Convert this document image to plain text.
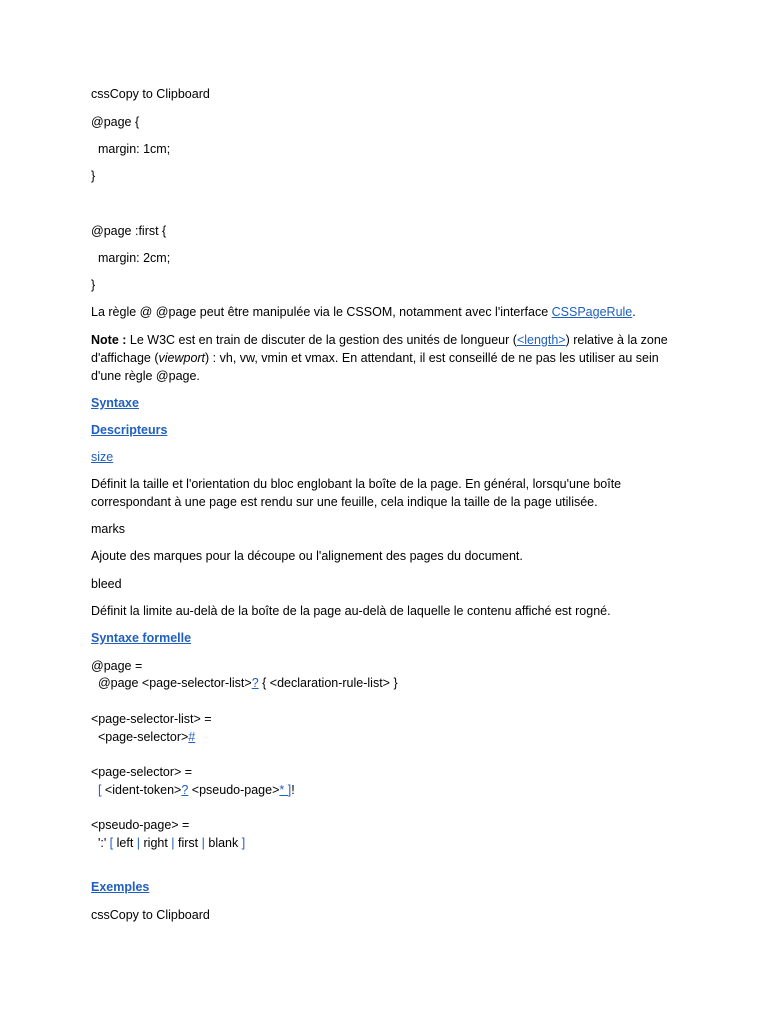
cssCopy to Clipboard
@page {
margin: 1cm;
}
@page :first {
margin: 2cm;
}
La règle @ @page peut être manipulée via le CSSOM, notamment avec l'interface CSSPageRule.
Note : Le W3C est en train de discuter de la gestion des unités de longueur (<length>) relative à la zone d'affichage (viewport) : vh, vw, vmin et vmax. En attendant, il est conseillé de ne pas les utiliser au sein d'une règle @page.
Syntaxe
Descripteurs
size
Définit la taille et l'orientation du bloc englobant la boîte de la page. En général, lorsqu'une boîte correspondant à une page est rendu sur une feuille, cela indique la taille de la page utilisée.
marks
Ajoute des marques pour la découpe ou l'alignement des pages du document.
bleed
Définit la limite au-delà de la boîte de la page au-delà de laquelle le contenu affiché est rogné.
Syntaxe formelle
@page =
@page <page-selector-list>? { <declaration-rule-list> }
<page-selector-list> =
<page-selector>#
<page-selector> =
[ <ident-token>? <pseudo-page>* ]!
<pseudo-page> =
':' [ left | right | first | blank ]
Exemples
cssCopy to Clipboard
